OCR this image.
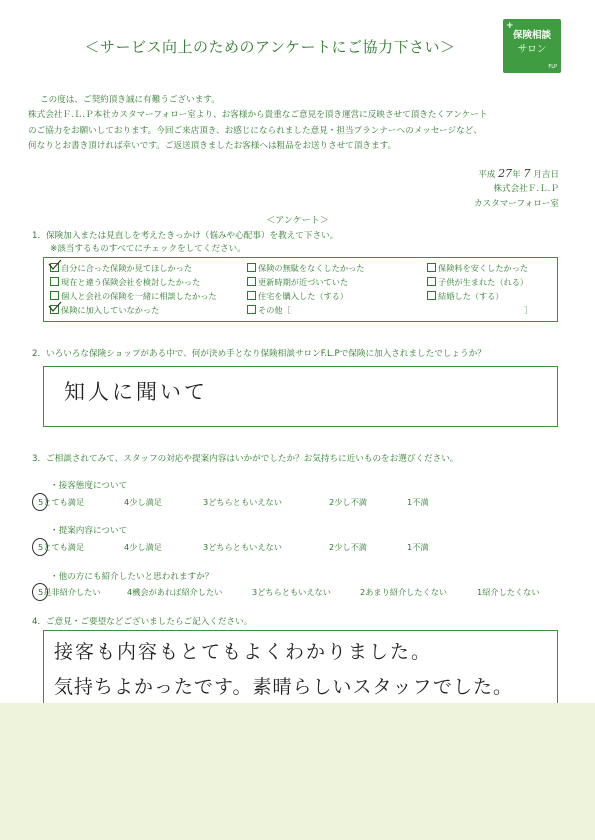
＜サービス向上のためのアンケートにご協力下さい＞
+
保険相談
サロン
FLP

この度は、ご契約頂き誠に有難うございます。

株式会社Ｆ.Ｌ.Ｐ本社カスタマーフォロー室より、お客様から貴重なご意見を頂き運営に反映させて頂きたくアンケート

のご協力をお願いしております。今回ご来店頂き、お感じになられました意見・担当プランナーへのメッセージなど、

何なりとお書き頂ければ幸いです。ご返送頂きましたお客様へは粗品をお送りさせて頂きます。

平成 27年 7 月吉日
株式会社Ｆ.Ｌ.Ｐ
カスタマーフォロー室
＜アンケート＞
1．保険加入または見直しを考えたきっかけ（悩みや心配事）を教えて下さい。
※該当するものすべてにチェックをしてください。
自分に合った保険か見てほしかった	保険の無駄をなくしたかった	保険料を安くしたかった
現在と違う保険会社を検討したかった	更新時期が近づいていた	子供が生まれた（れる）
個人と会社の保険を一緒に相談したかった	住宅を購入した（する）	結婚した（する）
保険に加入していなかった	その他［	］
2．いろいろな保険ショップがある中で、何が決め手となり保険相談サロンF.L.Pで保険に加入されましたでしょうか？
知人に聞いて
3．ご相談されてみて、スタッフの対応や提案内容はいかがでしたか？お気持ちに近いものをお選びください。
・接客態度について
5とても満足	4少し満足	3どちらともいえない	2少し不満	1不満
・提案内容について
5とても満足	4少し満足	3どちらともいえない	2少し不満	1不満
・他の方にも紹介したいと思われますか？
5是非紹介したい	4機会があれば紹介したい	3どちらともいえない	2あまり紹介したくない	1紹介したくない
4．ご意見・ご要望などございましたらご記入ください。
接客も内容もとてもよくわかりました。
気持ちよかったです。素晴らしいスタッフでした。
